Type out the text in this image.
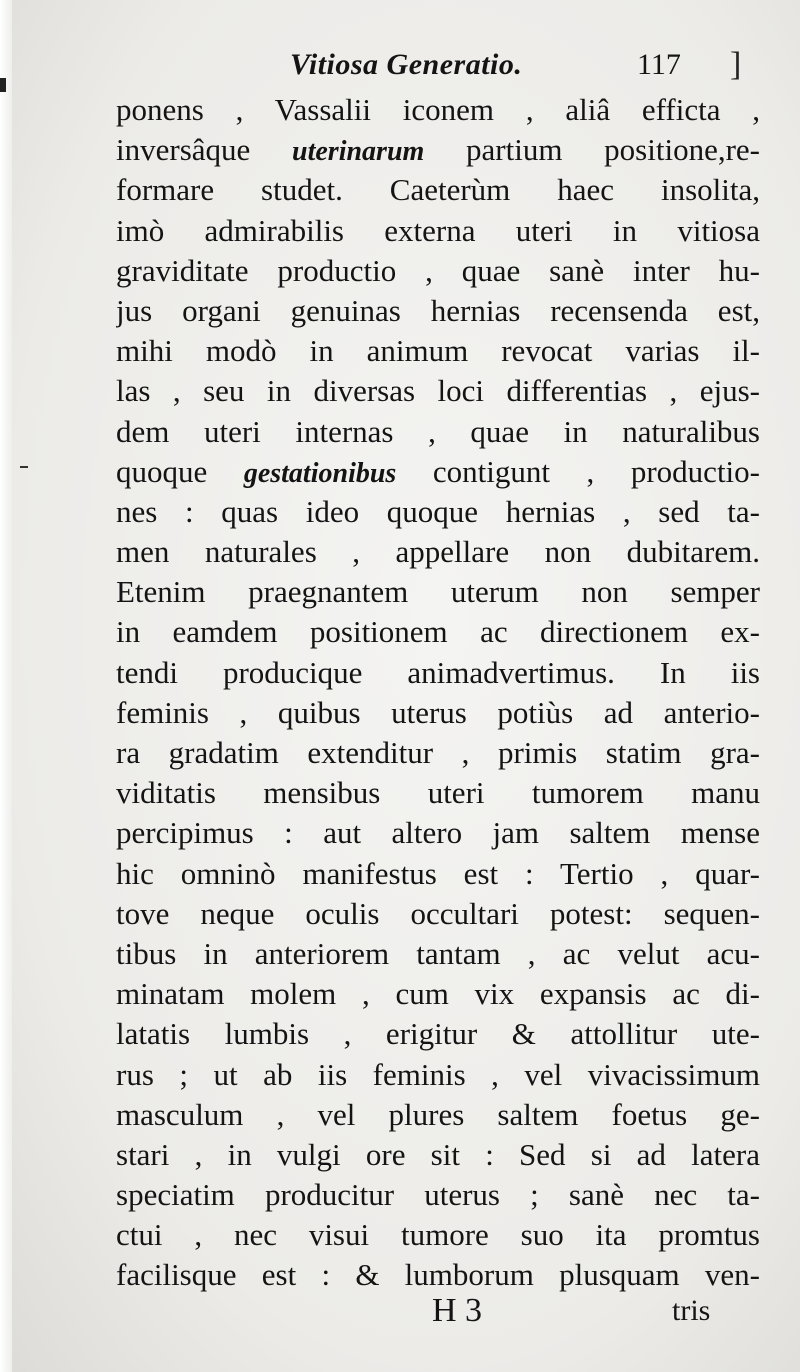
Vitiosa Generatio.	117 ]
ponens , Vassalii iconem , aliâ efficta ,
inversâque uterinarum partium positione,re-
formare studet. Caeterùm haec insolita,
imò admirabilis externa uteri in vitiosa
graviditate productio , quae sanè inter hu-
jus organi genuinas hernias recensenda est,
mihi modò in animum revocat varias il-
las , seu in diversas loci differentias , ejus-
dem uteri internas , quae in naturalibus
quoque gestationibus contigunt , productio-
nes : quas ideo quoque hernias , sed ta-
men naturales , appellare non dubitarem.
Etenim praegnantem uterum non semper
in eamdem positionem ac directionem ex-
tendi producique animadvertimus. In iis
feminis , quibus uterus potiùs ad anterio-
ra gradatim extenditur , primis statim gra-
viditatis mensibus uteri tumorem manu
percipimus : aut altero jam saltem mense
hic omninò manifestus est : Tertio , quar-
tove neque oculis occultari potest: sequen-
tibus in anteriorem tantam , ac velut acu-
minatam molem , cum vix expansis ac di-
latatis lumbis , erigitur & attollitur ute-
rus ; ut ab iis feminis , vel vivacissimum
masculum , vel plures saltem foetus ge-
stari , in vulgi ore sit : Sed si ad latera
speciatim producitur uterus ; sanè nec ta-
ctui , nec visui tumore suo ita promtus
facilisque est : & lumborum plusquam ven-
H 3	tris
